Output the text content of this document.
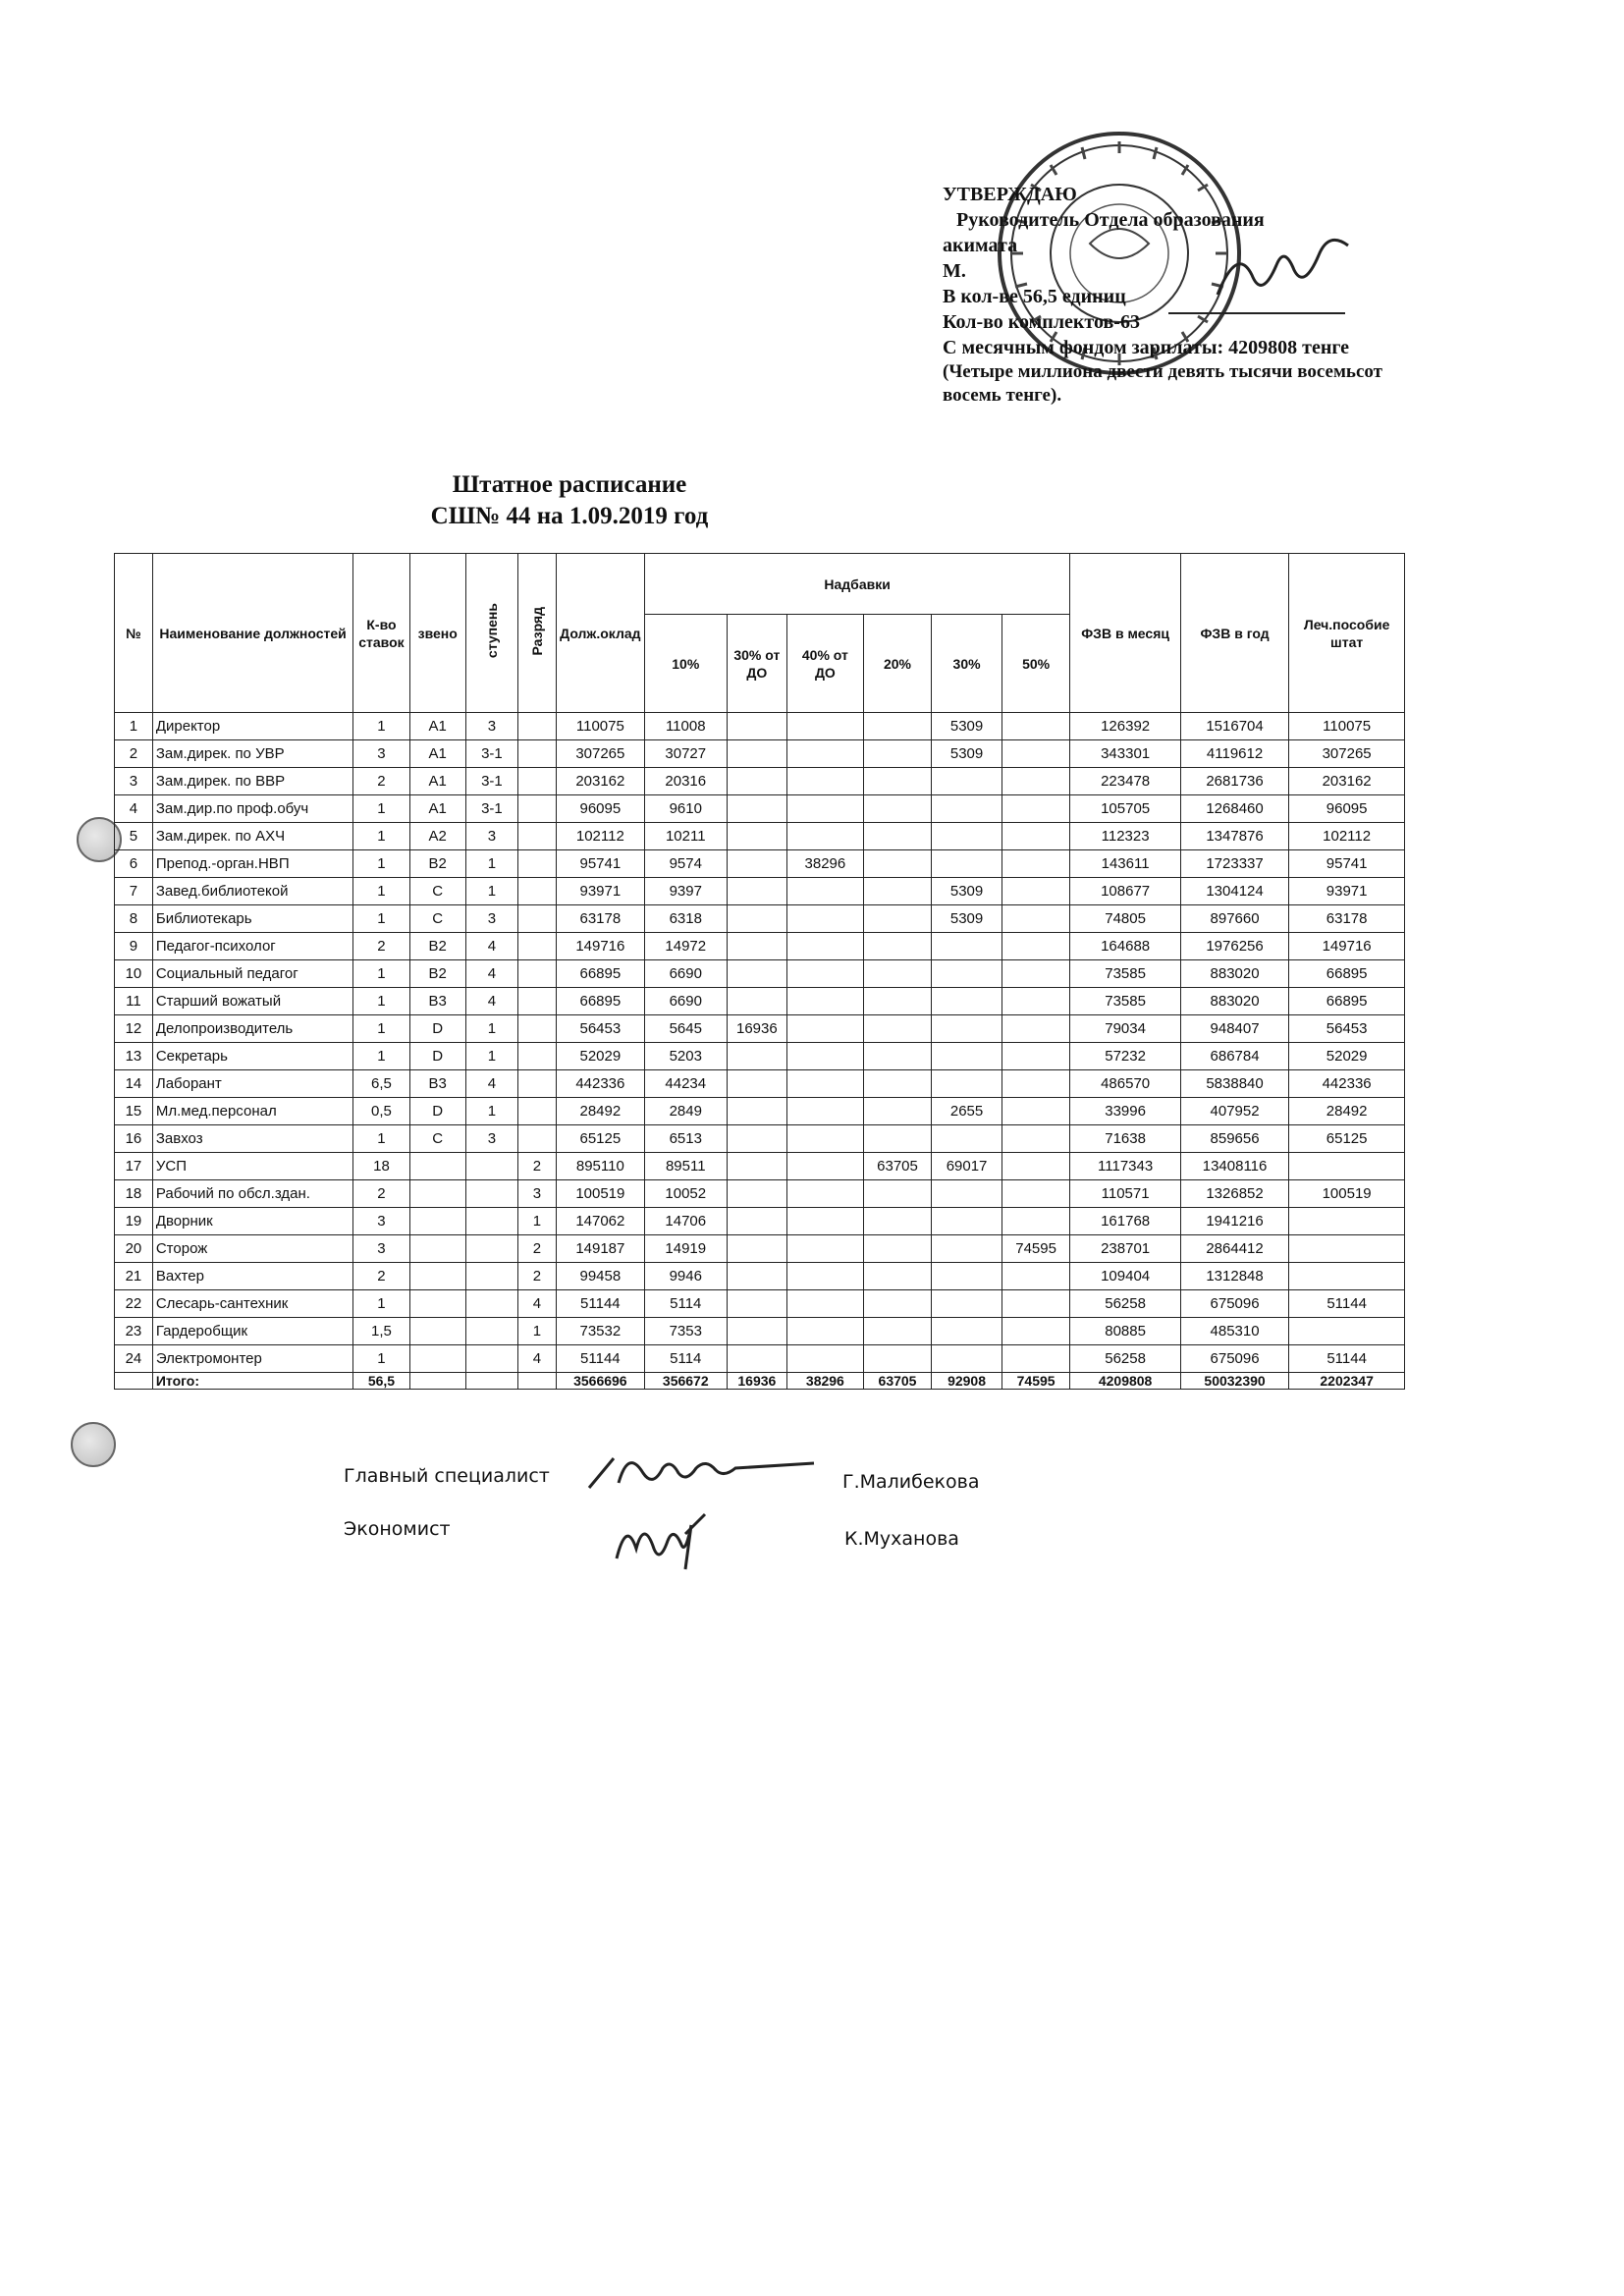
УТВЕРЖДАЮ
Руководитель Отдела образования
акимата
М.
В кол-ве 56,5 единиц
Кол-во комплектов-63
С месячным фондом зарплаты: 4209808 тенге
(Четыре миллиона двести девять тысячи восемьсот восемь тенге).
Штатное расписание
СШ№ 44 на 1.09.2019 год
№	Наименование должностей	К-во ставок	звено	ступень	Разряд	Долж.оклад	Надбавки						ФЗВ в месяц	ФЗВ в год	Леч.пособие штат
							10%	30% от ДО	40% от ДО	20%	30%	50%			
1	Директор	1	A1	3		110075	11008				5309		126392	1516704	110075
2	Зам.дирек. по УВР	3	A1	3-1		307265	30727				5309		343301	4119612	307265
3	Зам.дирек. по ВВР	2	A1	3-1		203162	20316						223478	2681736	203162
4	Зам.дир.по проф.обуч	1	A1	3-1		96095	9610						105705	1268460	96095
5	Зам.дирек. по АХЧ	1	A2	3		102112	10211						112323	1347876	102112
6	Препод.-орган.НВП	1	B2	1		95741	9574		38296				143611	1723337	95741
7	Завед.библиотекой	1	C	1		93971	9397				5309		108677	1304124	93971
8	Библиотекарь	1	C	3		63178	6318				5309		74805	897660	63178
9	Педагог-психолог	2	B2	4		149716	14972						164688	1976256	149716
10	Социальный педагог	1	B2	4		66895	6690						73585	883020	66895
11	Старший вожатый	1	B3	4		66895	6690						73585	883020	66895
12	Делопроизводитель	1	D	1		56453	5645	16936					79034	948407	56453
13	Секретарь	1	D	1		52029	5203						57232	686784	52029
14	Лаборант	6,5	B3	4		442336	44234						486570	5838840	442336
15	Мл.мед.персонал	0,5	D	1		28492	2849				2655		33996	407952	28492
16	Завхоз	1	C	3		65125	6513						71638	859656	65125
17	УСП	18			2	895110	89511			63705	69017		1117343	13408116	
18	Рабочий по обсл.здан.	2			3	100519	10052						110571	1326852	100519
19	Дворник	3			1	147062	14706						161768	1941216	
20	Сторож	3			2	149187	14919					74595	238701	2864412	
21	Вахтер	2			2	99458	9946						109404	1312848	
22	Слесарь-сантехник	1			4	51144	5114						56258	675096	51144
23	Гардеробщик	1,5			1	73532	7353						80885	485310	
24	Электромонтер	1			4	51144	5114						56258	675096	51144
	Итого:	56,5				3566696	356672	16936	38296	63705	92908	74595	4209808	50032390	2202347
Главный специалист	Г.Малибекова
Экономист	К.Муханова
